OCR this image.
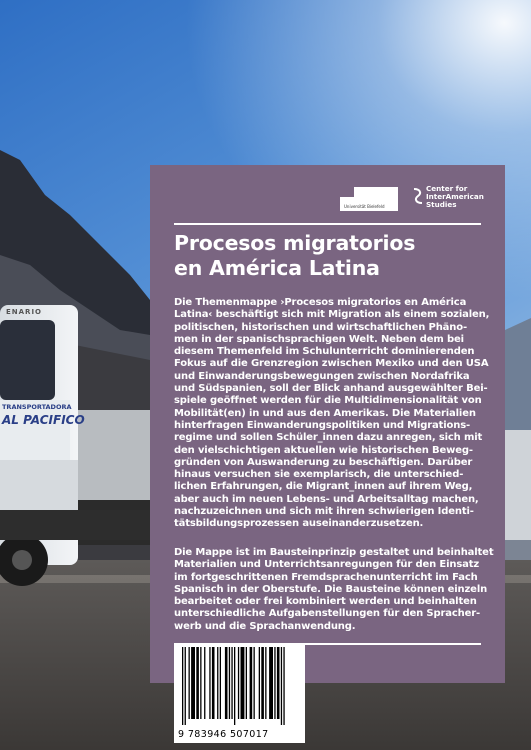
ENARIO
TRANSPORTADORA
AL PACIFICO
Universität Bielefeld
Center for
InterAmerican
Studies
Procesos migratorios
en América Latina

Die Themenmappe ›Procesos migratorios en América
Latina‹ beschäftigt sich mit Migration als einem sozialen,
politischen, historischen und wirtschaftlichen Phäno-
men in der spanischsprachigen Welt. Neben dem bei
diesem Themenfeld im Schulunterricht dominierenden
Fokus auf die Grenzregion zwischen Mexiko und den USA
und Einwanderungsbewegungen zwischen Nordafrika
und Südspanien, soll der Blick anhand ausgewählter Bei-
spiele geöffnet werden für die Multidimensionalität von
Mobilität(en) in und aus den Amerikas. Die Materialien
hinterfragen Einwanderungspolitiken und Migrations-
regime und sollen Schüler_innen dazu anregen, sich mit
den vielschichtigen aktuellen wie historischen Beweg-
gründen von Auswanderung zu beschäftigen. Darüber
hinaus versuchen sie exemplarisch, die unterschied-
lichen Erfahrungen, die Migrant_innen auf ihrem Weg,
aber auch im neuen Lebens- und Arbeitsalltag machen,
nachzuzeichnen und sich mit ihren schwierigen Identi-
tätsbildungsprozessen auseinanderzusetzen.

Die Mappe ist im Bausteinprinzip gestaltet und beinhaltet
Materialien und Unterrichtsanregungen für den Einsatz
im fortgeschrittenen Fremdsprachenunterricht im Fach
Spanisch in der Oberstufe. Die Bausteine können einzeln
bearbeitet oder frei kombiniert werden und beinhalten
unterschiedliche Aufgabenstellungen für den Spracher-
werb und die Sprachanwendung.

9 783946 507017
